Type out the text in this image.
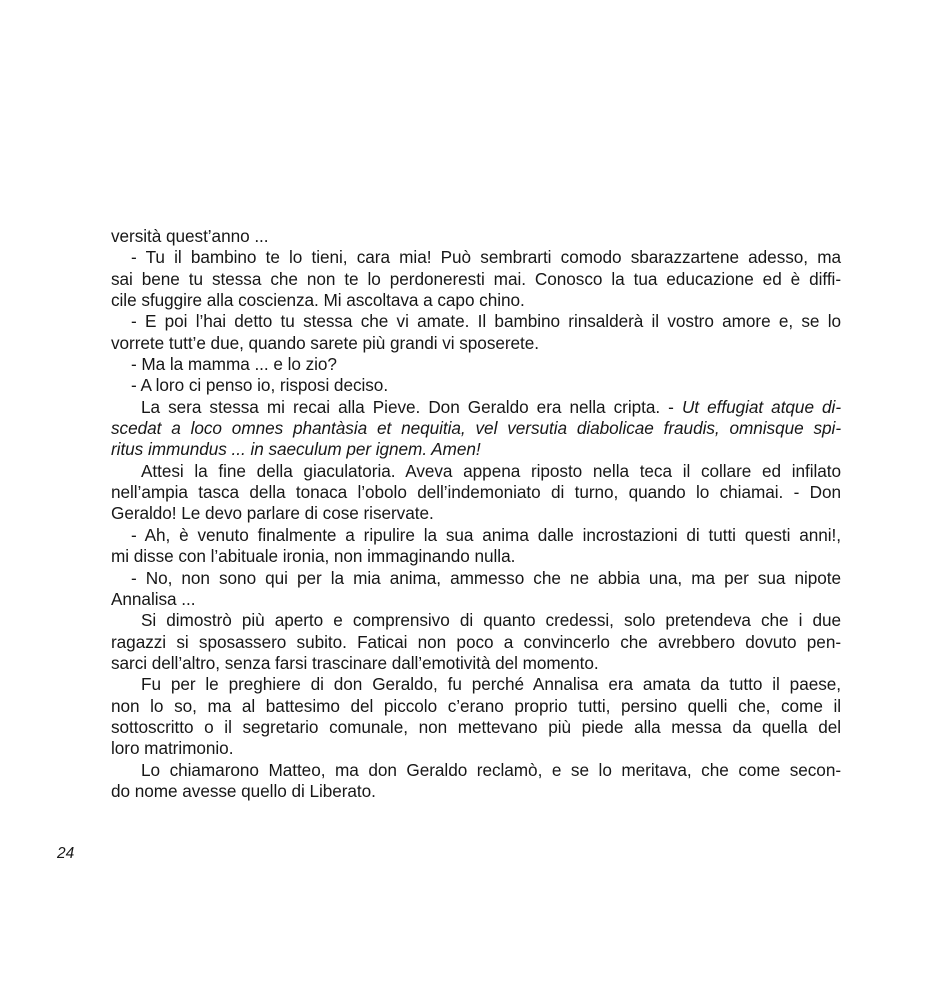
versità quest’anno ...
- Tu il bambino te lo tieni, cara mia! Può sembrarti comodo sbarazzartene adesso, ma
sai bene tu stessa che non te lo perdoneresti mai. Conosco la tua educazione ed è diffi-
cile sfuggire alla coscienza. Mi ascoltava a capo chino.
- E poi l’hai detto tu stessa che vi amate. Il bambino rinsalderà il vostro amore e, se lo
vorrete tutt’e due, quando sarete più grandi vi sposerete.
- Ma la mamma ... e lo zio?
- A loro ci penso io, risposi deciso.
La sera stessa mi recai alla Pieve. Don Geraldo era nella cripta. - Ut effugiat atque di-
scedat a loco omnes phantàsia et nequitia, vel versutia diabolicae fraudis, omnisque spi-
ritus immundus ... in saeculum per ignem. Amen!
Attesi la fine della giaculatoria. Aveva appena riposto nella teca il collare ed infilato
nell’ampia tasca della tonaca l’obolo dell’indemoniato di turno, quando lo chiamai. - Don
Geraldo! Le devo parlare di cose riservate.
- Ah, è venuto finalmente a ripulire la sua anima dalle incrostazioni di tutti questi anni!,
mi disse con l’abituale ironia, non immaginando nulla.
- No, non sono qui per la mia anima, ammesso che ne abbia una, ma per sua nipote
Annalisa ...
Si dimostrò più aperto e comprensivo di quanto credessi, solo pretendeva che i due
ragazzi si sposassero subito. Faticai non poco a convincerlo che avrebbero dovuto pen-
sarci dell’altro, senza farsi trascinare dall’emotività del momento.
Fu per le preghiere di don Geraldo, fu perché Annalisa era amata da tutto il paese,
non lo so, ma al battesimo del piccolo c’erano proprio tutti, persino quelli che, come il
sottoscritto o il segretario comunale, non mettevano più piede alla messa da quella del
loro matrimonio.
Lo chiamarono Matteo, ma don Geraldo reclamò, e se lo meritava, che come secon-
do nome avesse quello di Liberato.
24
